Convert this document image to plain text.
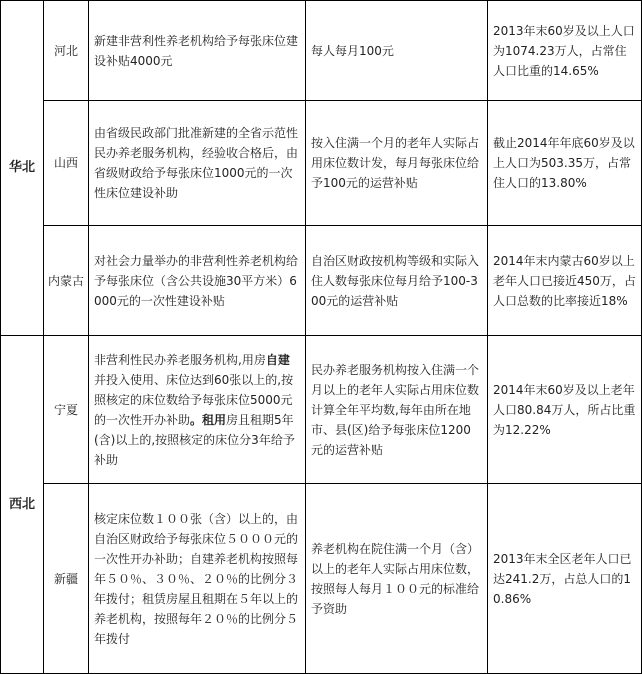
华北	河北	新建非营利性养老机构给予每张床位建设补贴4000元	每人每月100元	2013年末60岁及以上人口为1074.23万人，占常住人口比重的14.65%
	山西	由省级民政部门批准新建的全省示范性民办养老服务机构，经验收合格后，由省级财政给予每张床位1000元的一次性床位建设补助	按入住满一个月的老年人实际占用床位数计发，每月每张床位给予100元的运营补贴	截止2014年年底60岁及以上人口为503.35万，占常住人口的13.80%
	内蒙古	对社会力量举办的非营利性养老机构给予每张床位（含公共设施30平方米）6000元的一次性建设补贴	自治区财政按机构等级和实际入住人数每张床位每月给予100-300元的运营补贴	2014年末内蒙古60岁以上老年人口已接近450万，占人口总数的比率接近18%
西北	宁夏	非营利性民办养老服务机构,用房自建并投入使用、床位达到60张以上的,按照核定的床位数给予每张床位5000元的一次性开办补助。租用房且租期5年(含)以上的,按照核定的床位分3年给予补助	民办养老服务机构按入住满一个月以上的老年人实际占用床位数计算全年平均数,每年由所在地市、县(区)给予每张床位1200元的运营补贴	2014年末60岁及以上老年人口80.84万人，所占比重为12.22%
	新疆	核定床位数１００张（含）以上的，由自治区财政给予每张床位５０００元的一次性开办补助；自建养老机构按照每年５０％、３０％、２０％的比例分３年拨付；租赁房屋且租期在５年以上的养老机构，按照每年２０％的比例分５年拨付	养老机构在院住满一个月（含）以上的老年人实际占用床位数，按照每人每月１００元的标准给予资助	2013年末全区老年人口已达241.2万，占总人口的10.86%
